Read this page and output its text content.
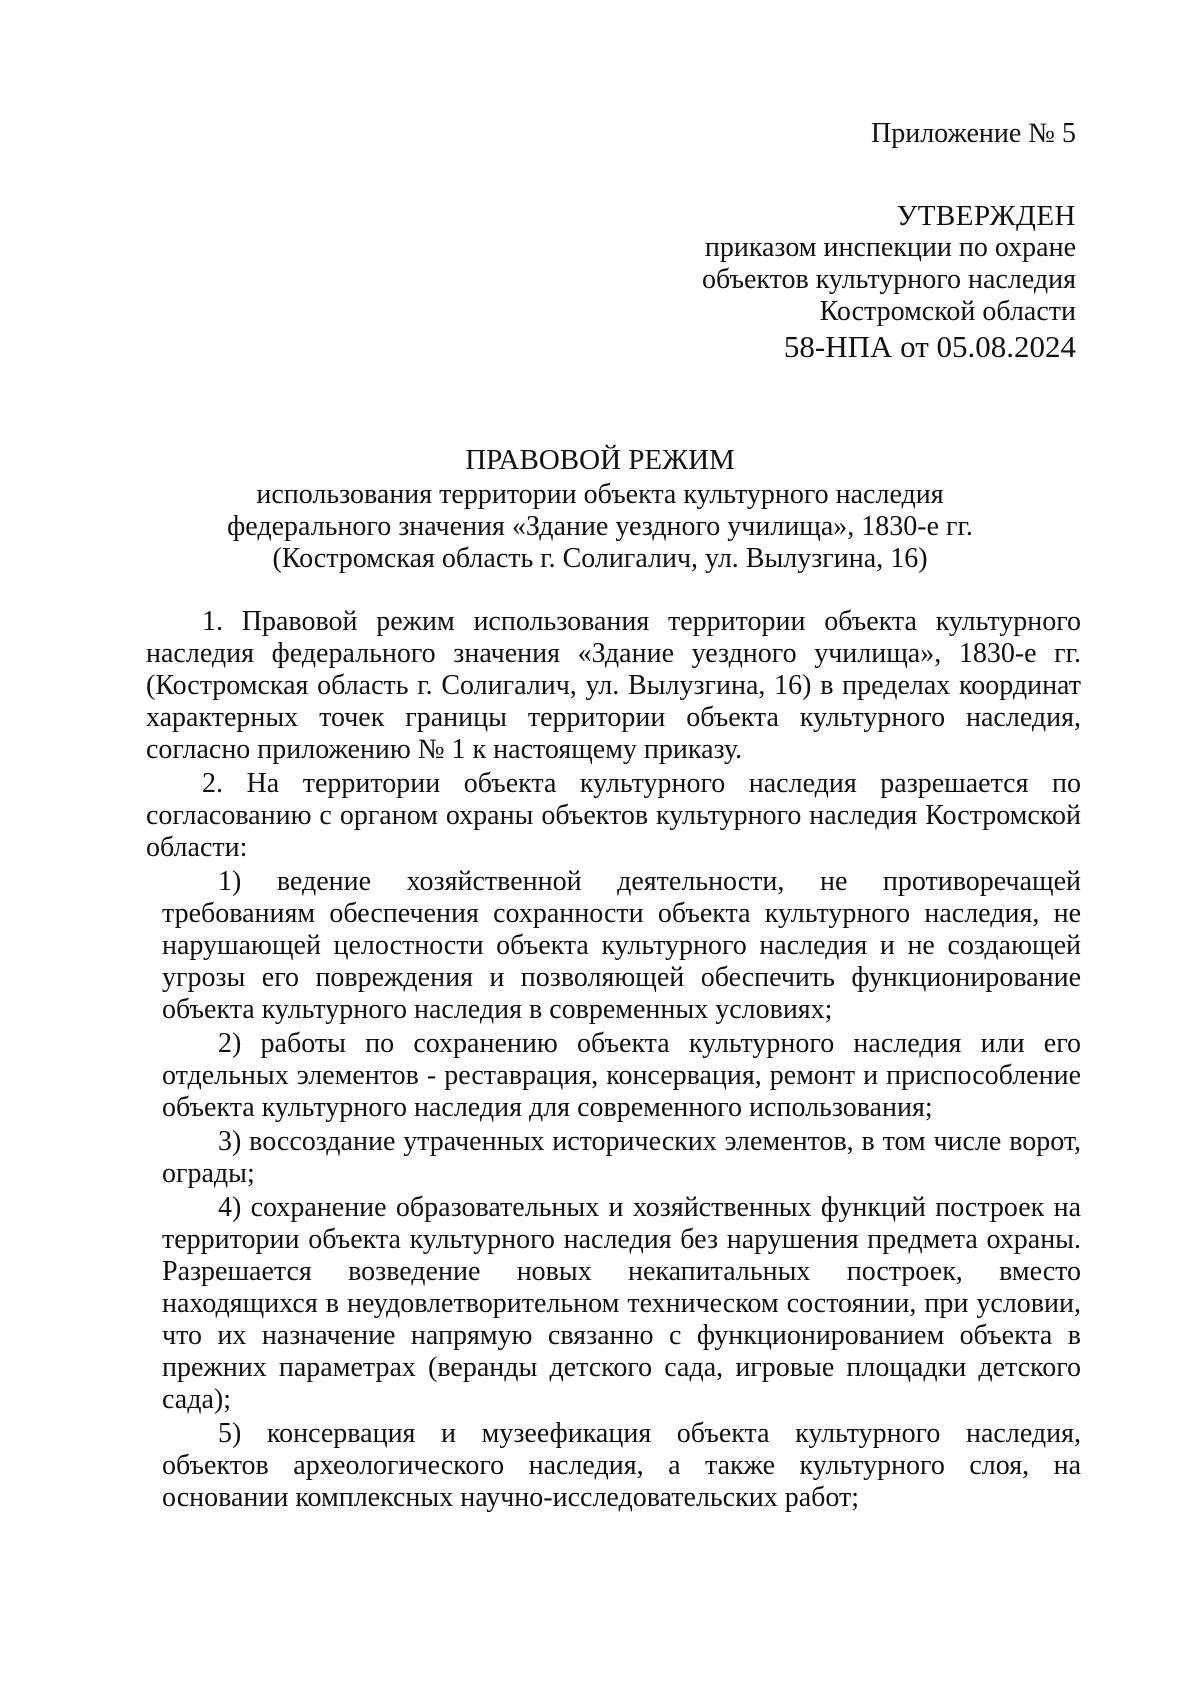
Приложение № 5
УТВЕРЖДЕН
приказом инспекции по охране
объектов культурного наследия
Костромской области
58-НПА от 05.08.2024
ПРАВОВОЙ РЕЖИМ
использования территории объекта культурного наследия
федерального значения «Здание уездного училища», 1830-е гг.
(Костромская область г. Солигалич, ул. Вылузгина, 16)

1. Правовой режим использования территории объекта культурного наследия федерального значения «Здание уездного училища», 1830-е гг. (Костромская область г. Солигалич, ул. Вылузгина, 16) в пределах координат характерных точек границы территории объекта культурного наследия, согласно приложению № 1 к настоящему приказу.

2. На территории объекта культурного наследия разрешается по согласованию с органом охраны объектов культурного наследия Костромской области:

1) ведение хозяйственной деятельности, не противоречащей требованиям обеспечения сохранности объекта культурного наследия, не нарушающей целостности объекта культурного наследия и не создающей угрозы его повреждения и позволяющей обеспечить функционирование объекта культурного наследия в современных условиях;

2) работы по сохранению объекта культурного наследия или его отдельных элементов - реставрация, консервация, ремонт и приспособление объекта культурного наследия для современного использования;

3) воссоздание утраченных исторических элементов, в том числе ворот, ограды;

4) сохранение образовательных и хозяйственных функций построек на территории объекта культурного наследия без нарушения предмета охраны. Разрешается возведение новых некапитальных построек, вместо находящихся в неудовлетворительном техническом состоянии, при условии, что их назначение напрямую связанно с функционированием объекта в прежних параметрах (веранды детского сада, игровые площадки детского сада);

5) консервация и музеефикация объекта культурного наследия, объектов археологического наследия, а также культурного слоя, на основании комплексных научно-исследовательских работ;
